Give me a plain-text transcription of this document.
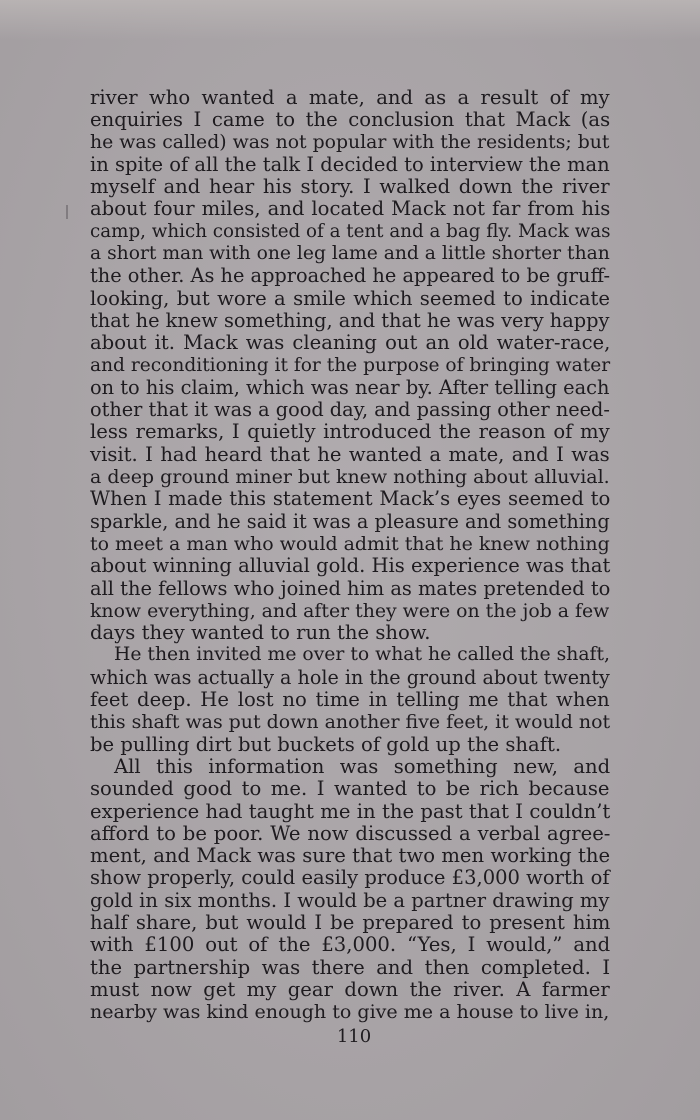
river who wanted a mate, and as a result of my
enquiries I came to the conclusion that Mack (as
he was called) was not popular with the residents; but
in spite of all the talk I decided to interview the man
myself and hear his story. I walked down the river
about four miles, and located Mack not far from his
camp, which consisted of a tent and a bag fly. Mack was
a short man with one leg lame and a little shorter than
the other. As he approached he appeared to be gruff-
looking, but wore a smile which seemed to indicate
that he knew something, and that he was very happy
about it. Mack was cleaning out an old water-race,
and reconditioning it for the purpose of bringing water
on to his claim, which was near by. After telling each
other that it was a good day, and passing other need-
less remarks, I quietly introduced the reason of my
visit. I had heard that he wanted a mate, and I was
a deep ground miner but knew nothing about alluvial.
When I made this statement Mack’s eyes seemed to
sparkle, and he said it was a pleasure and something
to meet a man who would admit that he knew nothing
about winning alluvial gold. His experience was that
all the fellows who joined him as mates pretended to
know everything, and after they were on the job a few
days they wanted to run the show.
He then invited me over to what he called the shaft,
which was actually a hole in the ground about twenty
feet deep. He lost no time in telling me that when
this shaft was put down another five feet, it would not
be pulling dirt but buckets of gold up the shaft.
All this information was something new, and
sounded good to me. I wanted to be rich because
experience had taught me in the past that I couldn’t
afford to be poor. We now discussed a verbal agree-
ment, and Mack was sure that two men working the
show properly, could easily produce £3,000 worth of
gold in six months. I would be a partner drawing my
half share, but would I be prepared to present him
with £100 out of the £3,000. “Yes, I would,” and
the partnership was there and then completed. I
must now get my gear down the river. A farmer
nearby was kind enough to give me a house to live in,
110
